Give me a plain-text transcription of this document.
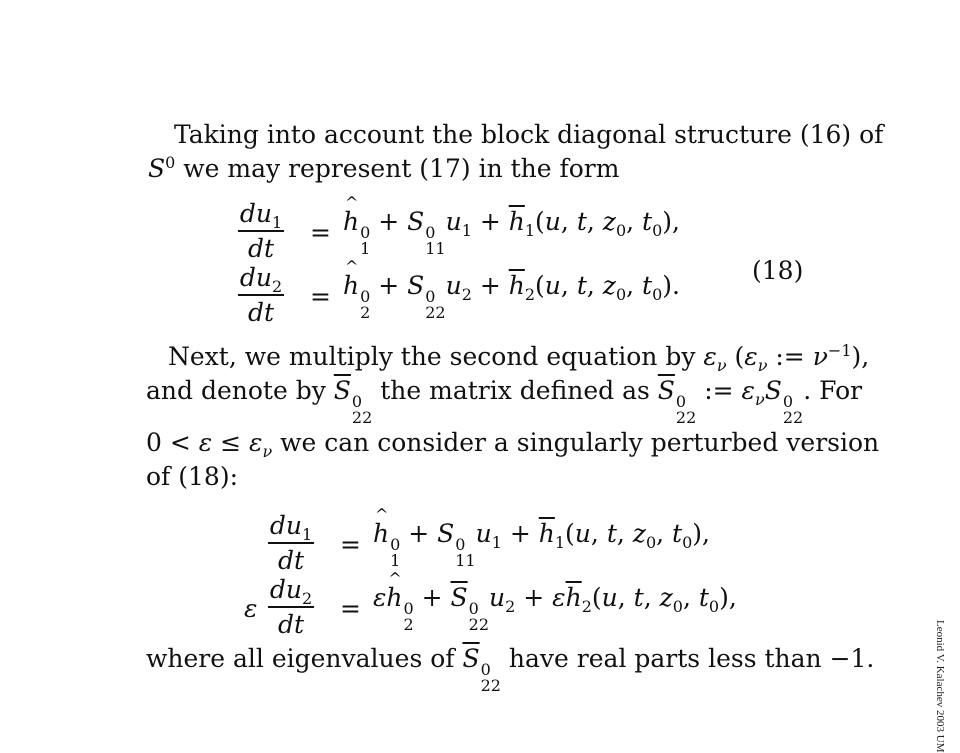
Taking into account the block diagonal structure (16) of
$S^0$ we may represent (17) in the form
$\frac{du_1}{dt}$ = ^ h 0
1
+ S 0
11
$u_1 + \overline{h}_1(u$, t, $z_0$, $t_0$),
$\frac{du_2}{dt}$ = ^ h 0
2
+ S 0
22
$u_2 + \overline{h}_2(u$, t, $z_0$, $t_0$).
(18)
Next, we multiply the second equation by $\varepsilon_\nu$ ($\varepsilon_\nu$ := $\nu^{-1}$),
and denote by $\overline{S}$ 0
22
the matrix defined as $\overline{S}$ 0
22
:= $\varepsilon_\nu S$ 0
22
. For
$0 < \varepsilon \le \varepsilon_\nu$ we can consider a singularly perturbed version
of (18):
$\frac{du_1}{dt}$ = ^ h 0
1
+ S 0
11
$u_1 + \overline{h}_1(u$, t, $z_0$, $t_0$),
ε $\frac{du_2}{dt}$ = ε^ h 0
2
+ $\overline{S}$ 0
22
$u_2 + \varepsilon\overline{h}_2(u$, t, $z_0$, $t_0$),
where all eigenvalues of $\overline{S}$ 0
22
have real parts less than −1.	Leonid V. Kalachev 2003 UM
